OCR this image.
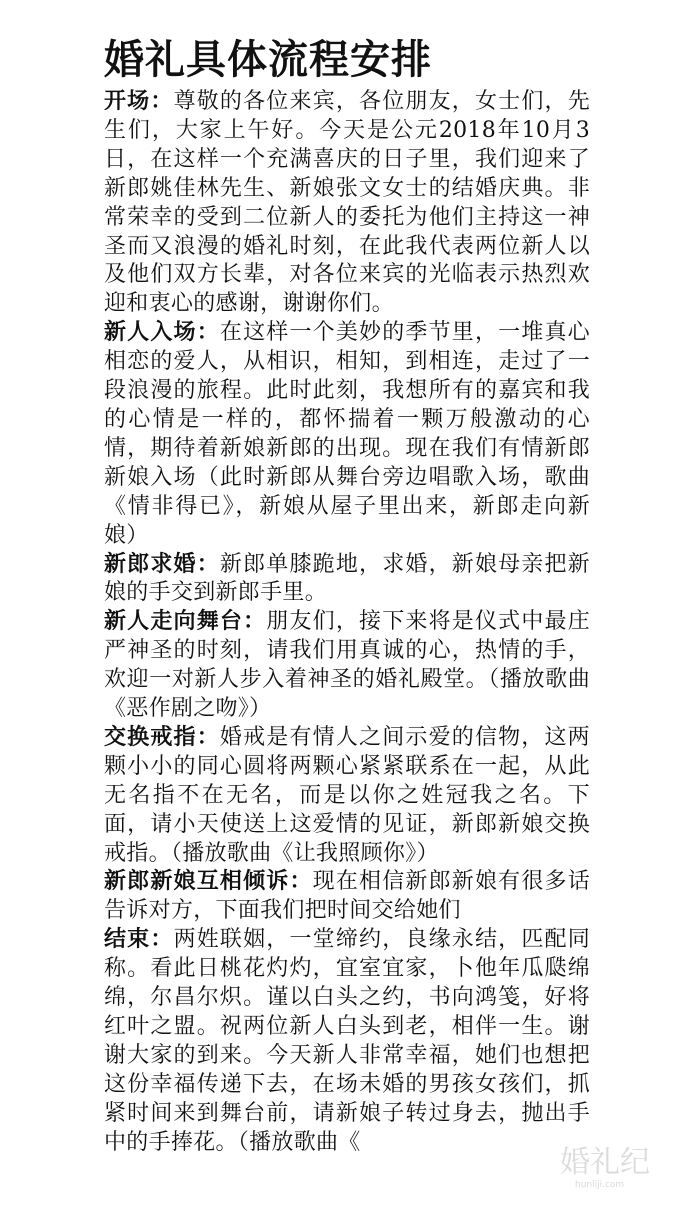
婚礼具体流程安排

开场：尊敬的各位来宾，各位朋友，女士们，先生们，大家上午好。今天是公元2018年10月3日，在这样一个充满喜庆的日子里，我们迎来了新郎姚佳林先生、新娘张文女士的结婚庆典。非常荣幸的受到二位新人的委托为他们主持这一神圣而又浪漫的婚礼时刻，在此我代表两位新人以及他们双方长辈，对各位来宾的光临表示热烈欢迎和衷心的感谢，谢谢你们。

新人入场：在这样一个美妙的季节里，一堆真心相恋的爱人，从相识，相知，到相连，走过了一段浪漫的旅程。此时此刻，我想所有的嘉宾和我的心情是一样的，都怀揣着一颗万般激动的心情，期待着新娘新郎的出现。现在我们有情新郎新娘入场（此时新郎从舞台旁边唱歌入场，歌曲《情非得已》，新娘从屋子里出来，新郎走向新娘）

新郎求婚：新郎单膝跪地，求婚，新娘母亲把新娘的手交到新郎手里。

新人走向舞台：朋友们，接下来将是仪式中最庄严神圣的时刻，请我们用真诚的心，热情的手，欢迎一对新人步入着神圣的婚礼殿堂。（播放歌曲《恶作剧之吻》）

交换戒指：婚戒是有情人之间示爱的信物，这两颗小小的同心圆将两颗心紧紧联系在一起，从此无名指不在无名，而是以你之姓冠我之名。下面，请小天使送上这爱情的见证，新郎新娘交换戒指。（播放歌曲《让我照顾你》）

新郎新娘互相倾诉：现在相信新郎新娘有很多话告诉对方，下面我们把时间交给她们

结束：两姓联姻，一堂缔约，良缘永结，匹配同称。看此日桃花灼灼，宜室宜家，卜他年瓜瓞绵绵，尔昌尔炽。谨以白头之约，书向鸿笺，好将红叶之盟。祝两位新人白头到老，相伴一生。谢谢大家的到来。今天新人非常幸福，她们也想把这份幸福传递下去，在场未婚的男孩女孩们，抓紧时间来到舞台前，请新娘子转过身去，抛出手中的手捧花。（播放歌曲《

婚礼纪
hunliji.com
